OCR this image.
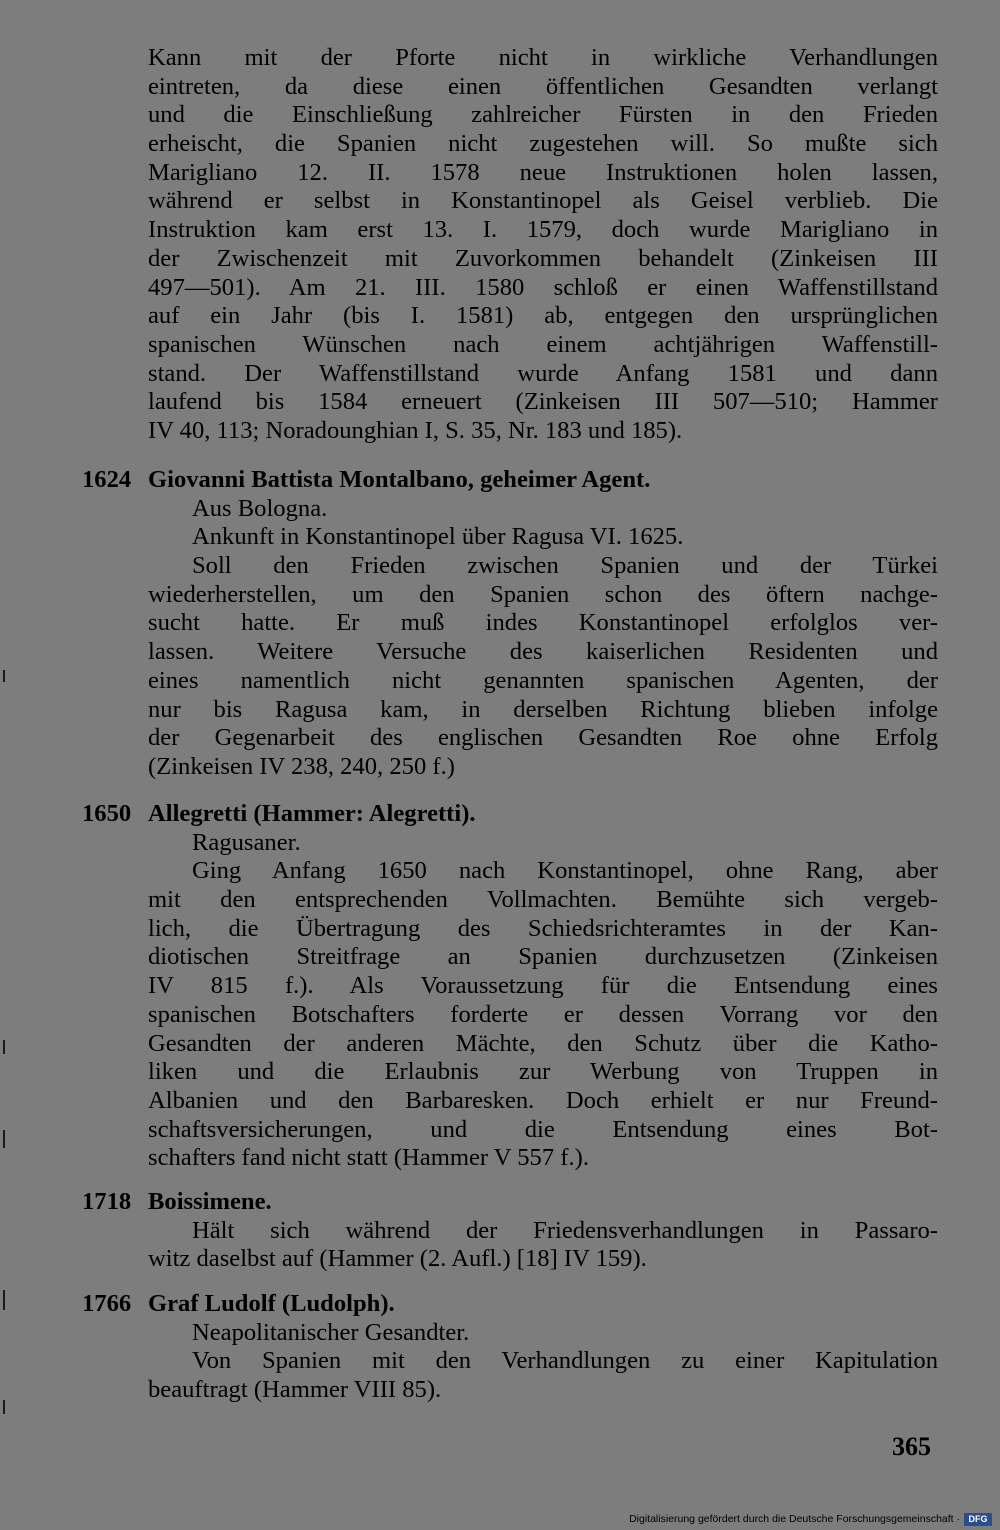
Kann mit der Pforte nicht in wirkliche Verhandlungen
eintreten, da diese einen öffentlichen Gesandten verlangt
und die Einschließung zahlreicher Fürsten in den Frieden
erheischt, die Spanien nicht zugestehen will. So mußte sich
Marigliano 12. II. 1578 neue Instruktionen holen lassen,
während er selbst in Konstantinopel als Geisel verblieb. Die
Instruktion kam erst 13. I. 1579, doch wurde Marigliano in
der Zwischenzeit mit Zuvorkommen behandelt (Zinkeisen III
497—501). Am 21. III. 1580 schloß er einen Waffenstillstand
auf ein Jahr (bis I. 1581) ab, entgegen den ursprünglichen
spanischen Wünschen nach einem achtjährigen Waffenstill-
stand. Der Waffenstillstand wurde Anfang 1581 und dann
laufend bis 1584 erneuert (Zinkeisen III 507—510; Hammer
IV 40, 113; Noradounghian I, S. 35, Nr. 183 und 185).
1624 Giovanni Battista Montalbano, geheimer Agent.
Aus Bologna.
Ankunft in Konstantinopel über Ragusa VI. 1625.
Soll den Frieden zwischen Spanien und der Türkei
wiederherstellen, um den Spanien schon des öftern nachge-
sucht hatte. Er muß indes Konstantinopel erfolglos ver-
lassen. Weitere Versuche des kaiserlichen Residenten und
eines namentlich nicht genannten spanischen Agenten, der
nur bis Ragusa kam, in derselben Richtung blieben infolge
der Gegenarbeit des englischen Gesandten Roe ohne Erfolg
(Zinkeisen IV 238, 240, 250 f.)
1650 Allegretti (Hammer: Alegretti).
Ragusaner.
Ging Anfang 1650 nach Konstantinopel, ohne Rang, aber
mit den entsprechenden Vollmachten. Bemühte sich vergeb-
lich, die Übertragung des Schiedsrichteramtes in der Kan-
diotischen Streitfrage an Spanien durchzusetzen (Zinkeisen
IV 815 f.). Als Voraussetzung für die Entsendung eines
spanischen Botschafters forderte er dessen Vorrang vor den
Gesandten der anderen Mächte, den Schutz über die Katho-
liken und die Erlaubnis zur Werbung von Truppen in
Albanien und den Barbaresken. Doch erhielt er nur Freund-
schaftsversicherungen, und die Entsendung eines Bot-
schafters fand nicht statt (Hammer V 557 f.).
1718 Boissimene.
Hält sich während der Friedensverhandlungen in Passaro-
witz daselbst auf (Hammer (2. Aufl.) [18] IV 159).
1766 Graf Ludolf (Ludolph).
Neapolitanischer Gesandter.
Von Spanien mit den Verhandlungen zu einer Kapitulation
beauftragt (Hammer VIII 85).
365
Digitalisierung gefördert durch die Deutsche Forschungsgemeinschaft · DFG
